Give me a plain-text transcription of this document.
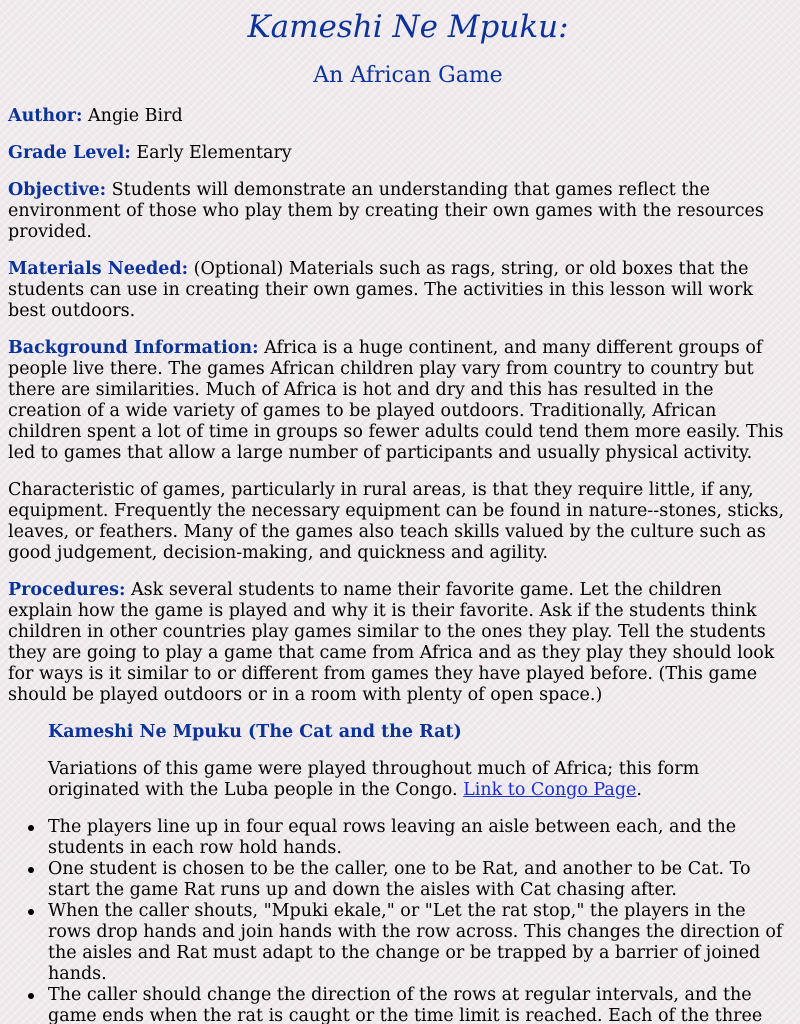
Kameshi Ne Mpuku:
An African Game

Author: Angie Bird

Grade Level: Early Elementary

Objective: Students will demonstrate an understanding that games reflect the
environment of those who play them by creating their own games with the resources
provided.

Materials Needed: (Optional) Materials such as rags, string, or old boxes that the
students can use in creating their own games. The activities in this lesson will work
best outdoors.

Background Information: Africa is a huge continent, and many different groups of
people live there. The games African children play vary from country to country but
there are similarities. Much of Africa is hot and dry and this has resulted in the
creation of a wide variety of games to be played outdoors. Traditionally, African
children spent a lot of time in groups so fewer adults could tend them more easily. This
led to games that allow a large number of participants and usually physical activity.

Characteristic of games, particularly in rural areas, is that they require little, if any,
equipment. Frequently the necessary equipment can be found in nature--stones, sticks,
leaves, or feathers. Many of the games also teach skills valued by the culture such as
good judgement, decision-making, and quickness and agility.

Procedures: Ask several students to name their favorite game. Let the children
explain how the game is played and why it is their favorite. Ask if the students think
children in other countries play games similar to the ones they play. Tell the students
they are going to play a game that came from Africa and as they play they should look
for ways is it similar to or different from games they have played before. (This game
should be played outdoors or in a room with plenty of open space.)

Kameshi Ne Mpuku (The Cat and the Rat)

Variations of this game were played throughout much of Africa; this form
originated with the Luba people in the Congo. Link to Congo Page.

The players line up in four equal rows leaving an aisle between each, and the
students in each row hold hands.
One student is chosen to be the caller, one to be Rat, and another to be Cat. To
start the game Rat runs up and down the aisles with Cat chasing after.
When the caller shouts, "Mpuki ekale," or "Let the rat stop," the players in the
rows drop hands and join hands with the row across. This changes the direction of
the aisles and Rat must adapt to the change or be trapped by a barrier of joined
hands.
The caller should change the direction of the rows at regular intervals, and the
game ends when the rat is caught or the time limit is reached. Each of the three
